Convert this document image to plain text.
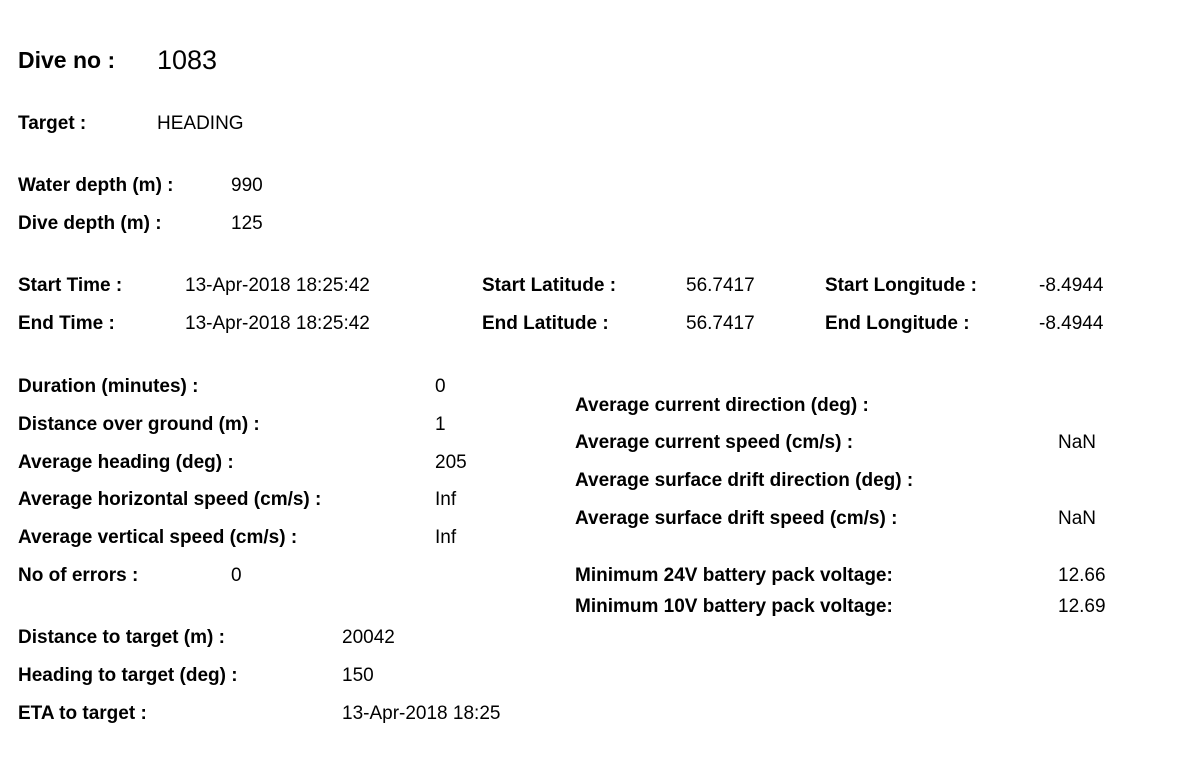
Dive no : 1083
Target :	HEADING
Water depth (m) :	990
Dive depth (m) :	125
Start Time :	13-Apr-2018 18:25:42
End Time :	13-Apr-2018 18:25:42
Start Latitude :	56.7417
End Latitude :	56.7417
Start Longitude :	-8.4944
End Longitude :	-8.4944
Duration (minutes) :	0
Distance over ground (m) :	1
Average heading (deg) :	205
Average horizontal speed (cm/s) :	Inf
Average vertical speed (cm/s) :	Inf
No of errors :	0
Average current direction (deg) :
Average current speed (cm/s) :	NaN
Average surface drift direction (deg) :
Average surface drift speed (cm/s) :	NaN
Minimum 24V battery pack voltage:	12.66
Minimum 10V battery pack voltage:	12.69
Distance to target (m) :	20042
Heading to target (deg) :	150
ETA to target :	13-Apr-2018 18:25
